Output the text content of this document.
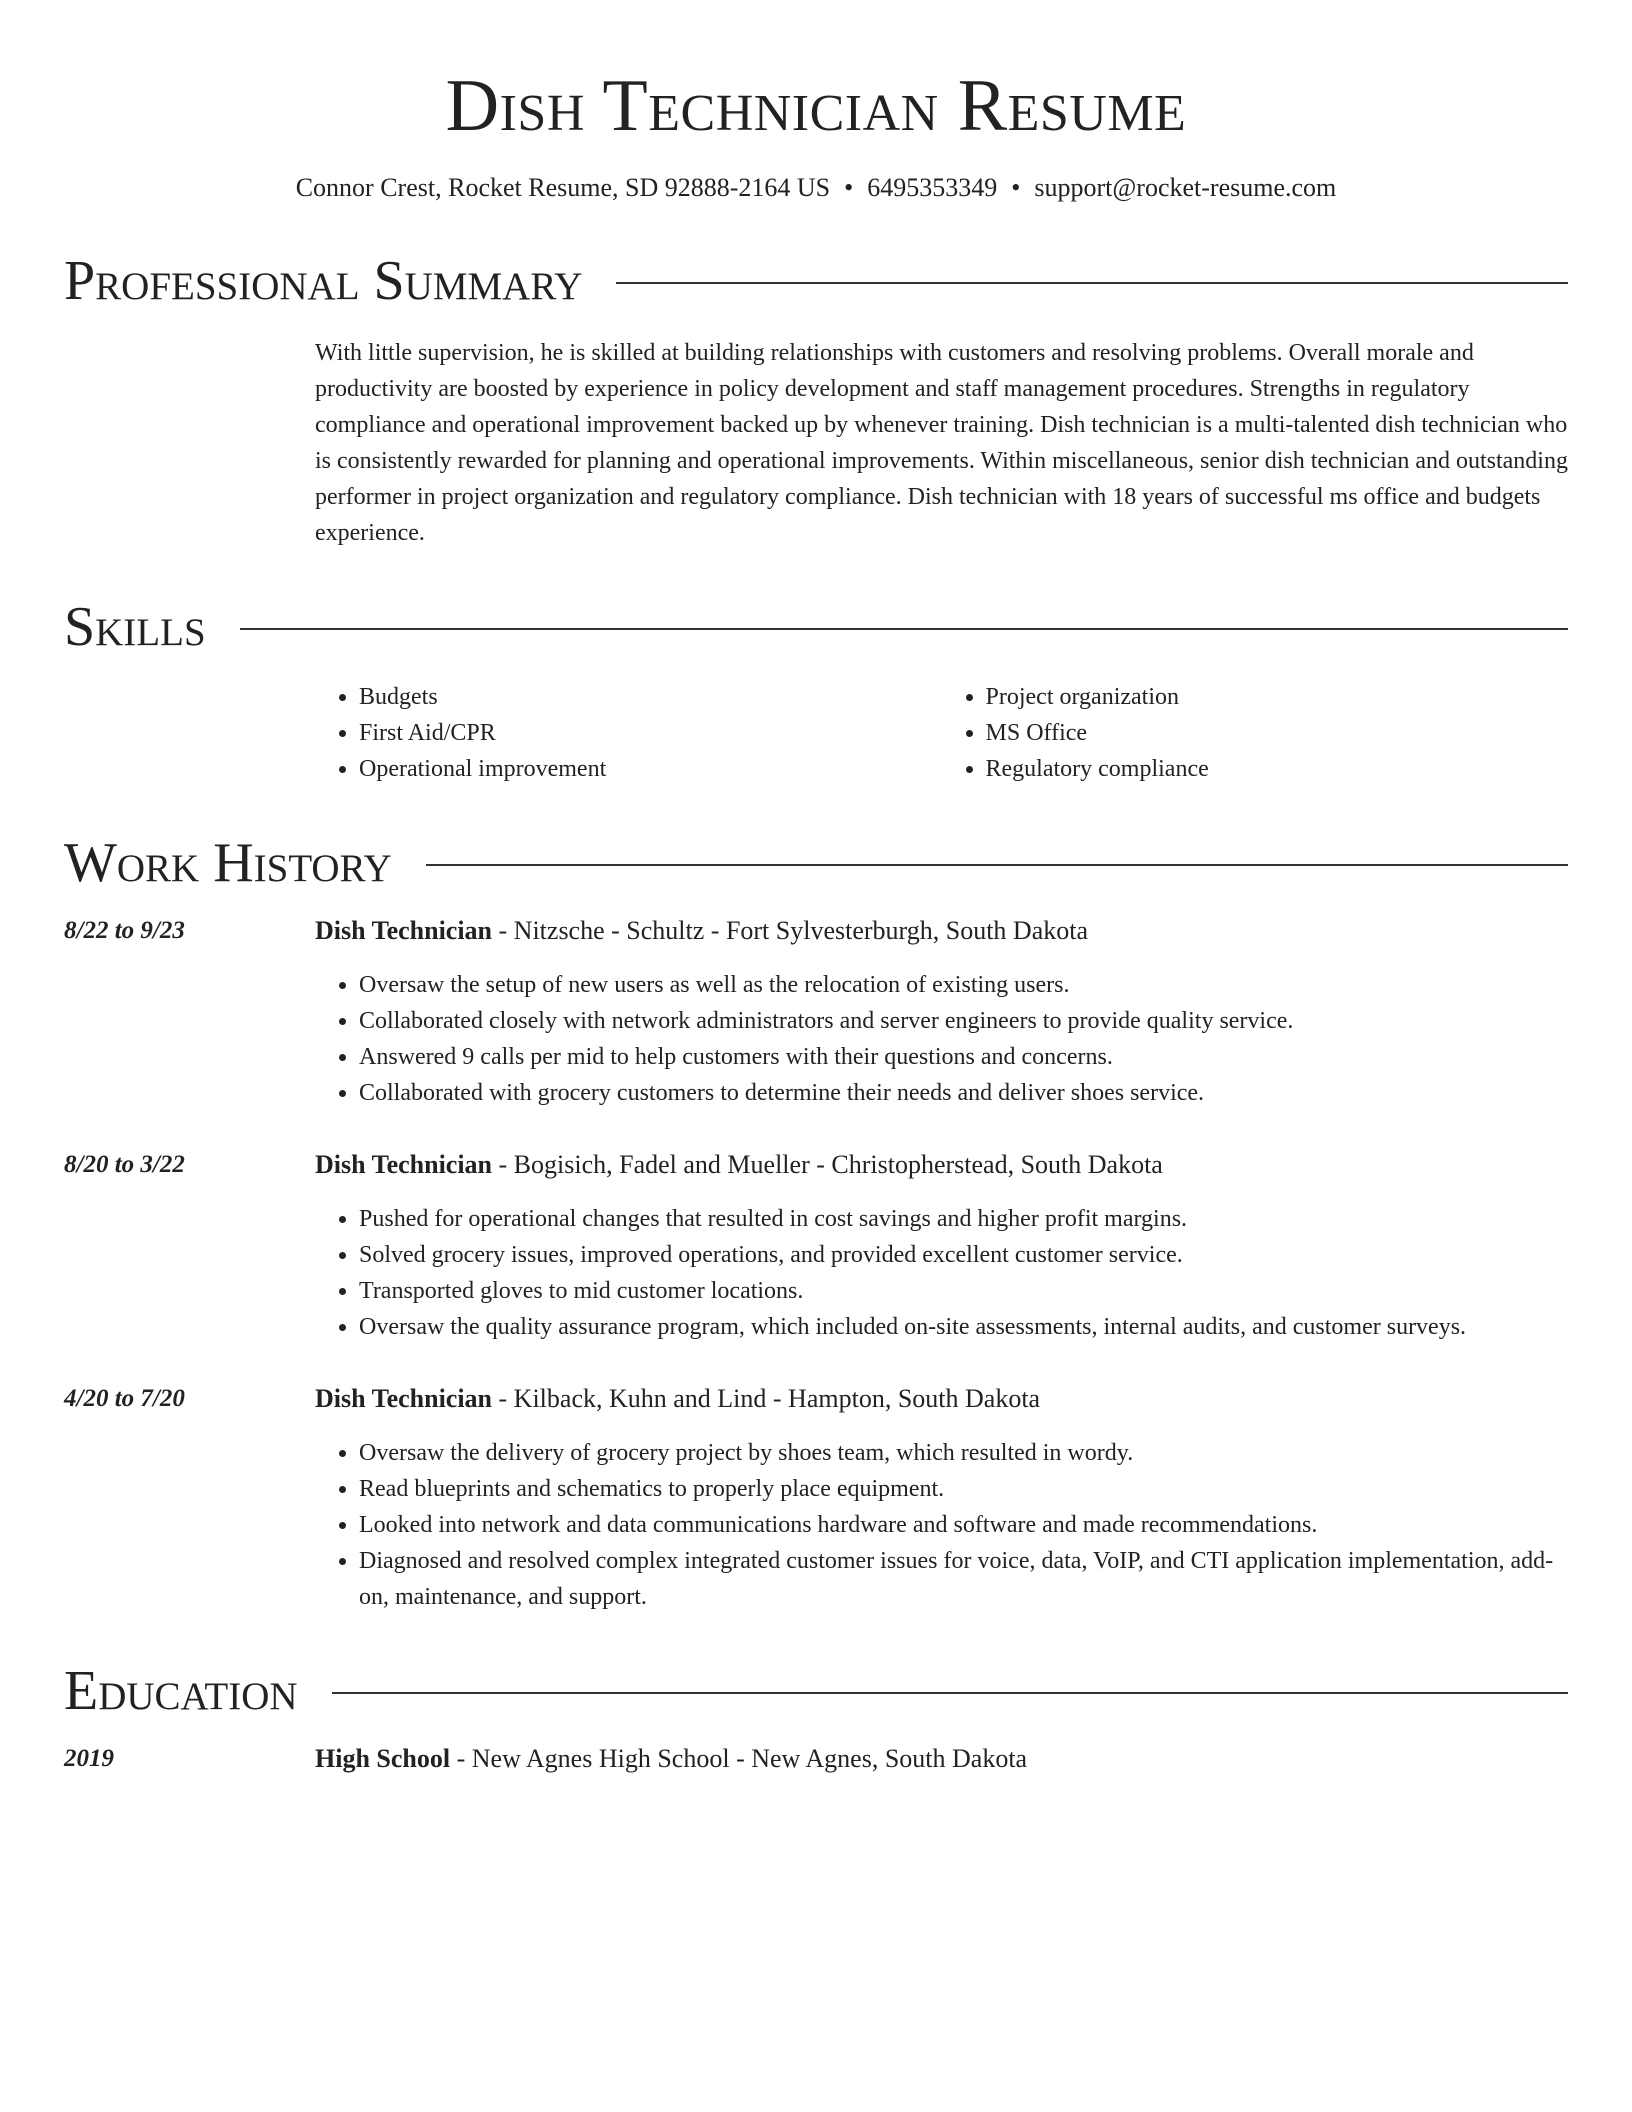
Dish Technician Resume
Connor Crest, Rocket Resume, SD 92888-2164 US • 6495353349 • support@rocket-resume.com
Professional Summary
With little supervision, he is skilled at building relationships with customers and resolving problems. Overall morale and productivity are boosted by experience in policy development and staff management procedures. Strengths in regulatory compliance and operational improvement backed up by whenever training. Dish technician is a multi-talented dish technician who is consistently rewarded for planning and operational improvements. Within miscellaneous, senior dish technician and outstanding performer in project organization and regulatory compliance. Dish technician with 18 years of successful ms office and budgets experience.
Skills
• Budgets
• First Aid/CPR
• Operational improvement
• Project organization
• MS Office
• Regulatory compliance
Work History
8/22 to 9/23	Dish Technician - Nitzsche - Schultz - Fort Sylvesterburgh, South Dakota
• Oversaw the setup of new users as well as the relocation of existing users.
• Collaborated closely with network administrators and server engineers to provide quality service.
• Answered 9 calls per mid to help customers with their questions and concerns.
• Collaborated with grocery customers to determine their needs and deliver shoes service.
8/20 to 3/22	Dish Technician - Bogisich, Fadel and Mueller - Christopherstead, South Dakota
• Pushed for operational changes that resulted in cost savings and higher profit margins.
• Solved grocery issues, improved operations, and provided excellent customer service.
• Transported gloves to mid customer locations.
• Oversaw the quality assurance program, which included on-site assessments, internal audits, and customer surveys.
4/20 to 7/20	Dish Technician - Kilback, Kuhn and Lind - Hampton, South Dakota
• Oversaw the delivery of grocery project by shoes team, which resulted in wordy.
• Read blueprints and schematics to properly place equipment.
• Looked into network and data communications hardware and software and made recommendations.
• Diagnosed and resolved complex integrated customer issues for voice, data, VoIP, and CTI application implementation, add-on, maintenance, and support.
Education
2019	High School - New Agnes High School - New Agnes, South Dakota
